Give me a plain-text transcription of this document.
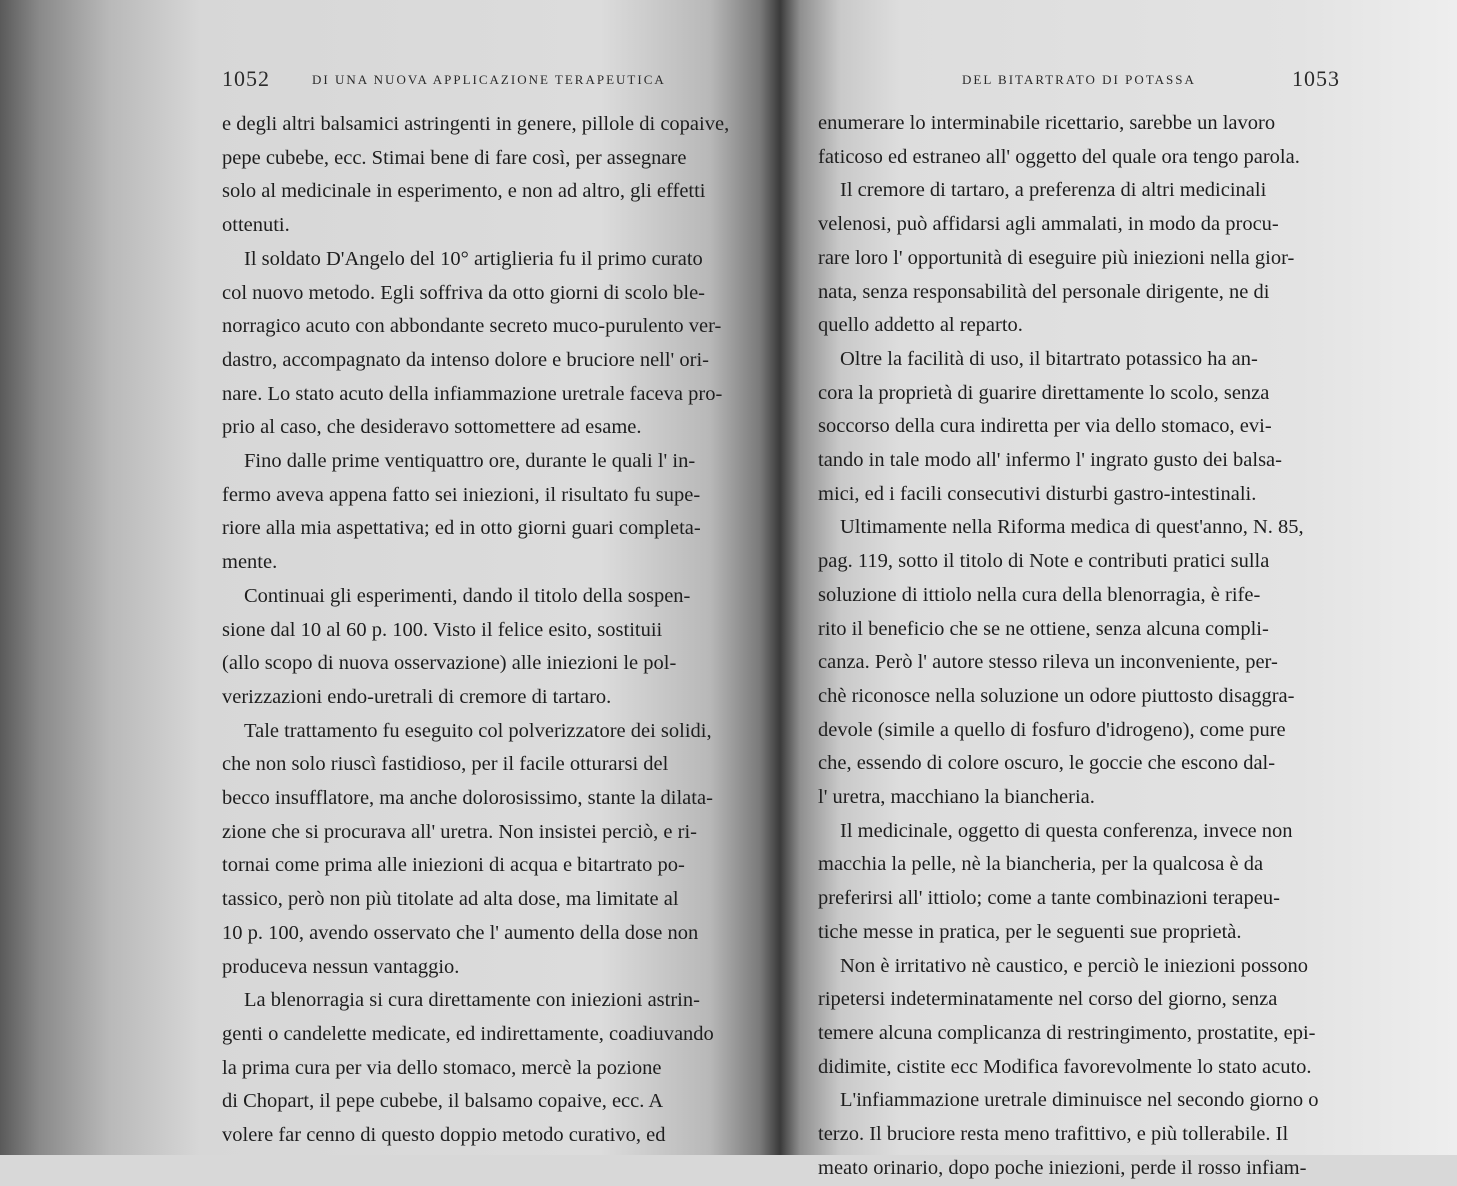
1052	DI UNA NUOVA APPLICAZIONE TERAPEUTICA
e degli altri balsamici astringenti in genere, pillole di copaive,
pepe cubebe, ecc. Stimai bene di fare così, per assegnare
solo al medicinale in esperimento, e non ad altro, gli effetti
ottenuti.
Il soldato D'Angelo del 10° artiglieria fu il primo curato
col nuovo metodo. Egli soffriva da otto giorni di scolo ble-
norragico acuto con abbondante secreto muco-purulento ver-
dastro, accompagnato da intenso dolore e bruciore nell' ori-
nare. Lo stato acuto della infiammazione uretrale faceva pro-
prio al caso, che desideravo sottomettere ad esame.
Fino dalle prime ventiquattro ore, durante le quali l' in-
fermo aveva appena fatto sei iniezioni, il risultato fu supe-
riore alla mia aspettativa; ed in otto giorni guari completa-
mente.
Continuai gli esperimenti, dando il titolo della sospen-
sione dal 10 al 60 p. 100. Visto il felice esito, sostituii
(allo scopo di nuova osservazione) alle iniezioni le pol-
verizzazioni endo-uretrali di cremore di tartaro.
Tale trattamento fu eseguito col polverizzatore dei solidi,
che non solo riuscì fastidioso, per il facile otturarsi del
becco insufflatore, ma anche dolorosissimo, stante la dilata-
zione che si procurava all' uretra. Non insistei perciò, e ri-
tornai come prima alle iniezioni di acqua e bitartrato po-
tassico, però non più titolate ad alta dose, ma limitate al
10 p. 100, avendo osservato che l' aumento della dose non
produceva nessun vantaggio.
La blenorragia si cura direttamente con iniezioni astrin-
genti o candelette medicate, ed indirettamente, coadiuvando
la prima cura per via dello stomaco, mercè la pozione
di Chopart, il pepe cubebe, il balsamo copaive, ecc. A
volere far cenno di questo doppio metodo curativo, ed
DEL BITARTRATO DI POTASSA	1053
enumerare lo interminabile ricettario, sarebbe un lavoro
faticoso ed estraneo all' oggetto del quale ora tengo parola.
Il cremore di tartaro, a preferenza di altri medicinali
velenosi, può affidarsi agli ammalati, in modo da procu-
rare loro l' opportunità di eseguire più iniezioni nella gior-
nata, senza responsabilità del personale dirigente, ne di
quello addetto al reparto.
Oltre la facilità di uso, il bitartrato potassico ha an-
cora la proprietà di guarire direttamente lo scolo, senza
soccorso della cura indiretta per via dello stomaco, evi-
tando in tale modo all' infermo l' ingrato gusto dei balsa-
mici, ed i facili consecutivi disturbi gastro-intestinali.
Ultimamente nella Riforma medica di quest'anno, N. 85,
pag. 119, sotto il titolo di Note e contributi pratici sulla
soluzione di ittiolo nella cura della blenorragia, è rife-
rito il beneficio che se ne ottiene, senza alcuna compli-
canza. Però l' autore stesso rileva un inconveniente, per-
chè riconosce nella soluzione un odore piuttosto disaggra-
devole (simile a quello di fosfuro d'idrogeno), come pure
che, essendo di colore oscuro, le goccie che escono dal-
l' uretra, macchiano la biancheria.
Il medicinale, oggetto di questa conferenza, invece non
macchia la pelle, nè la biancheria, per la qualcosa è da
preferirsi all' ittiolo; come a tante combinazioni terapeu-
tiche messe in pratica, per le seguenti sue proprietà.
Non è irritativo nè caustico, e perciò le iniezioni possono
ripetersi indeterminatamente nel corso del giorno, senza
temere alcuna complicanza di restringimento, prostatite, epi-
didimite, cistite ecc Modifica favorevolmente lo stato acuto.
L'infiammazione uretrale diminuisce nel secondo giorno o
terzo. Il bruciore resta meno trafittivo, e più tollerabile. Il
meato orinario, dopo poche iniezioni, perde il rosso infiam-
